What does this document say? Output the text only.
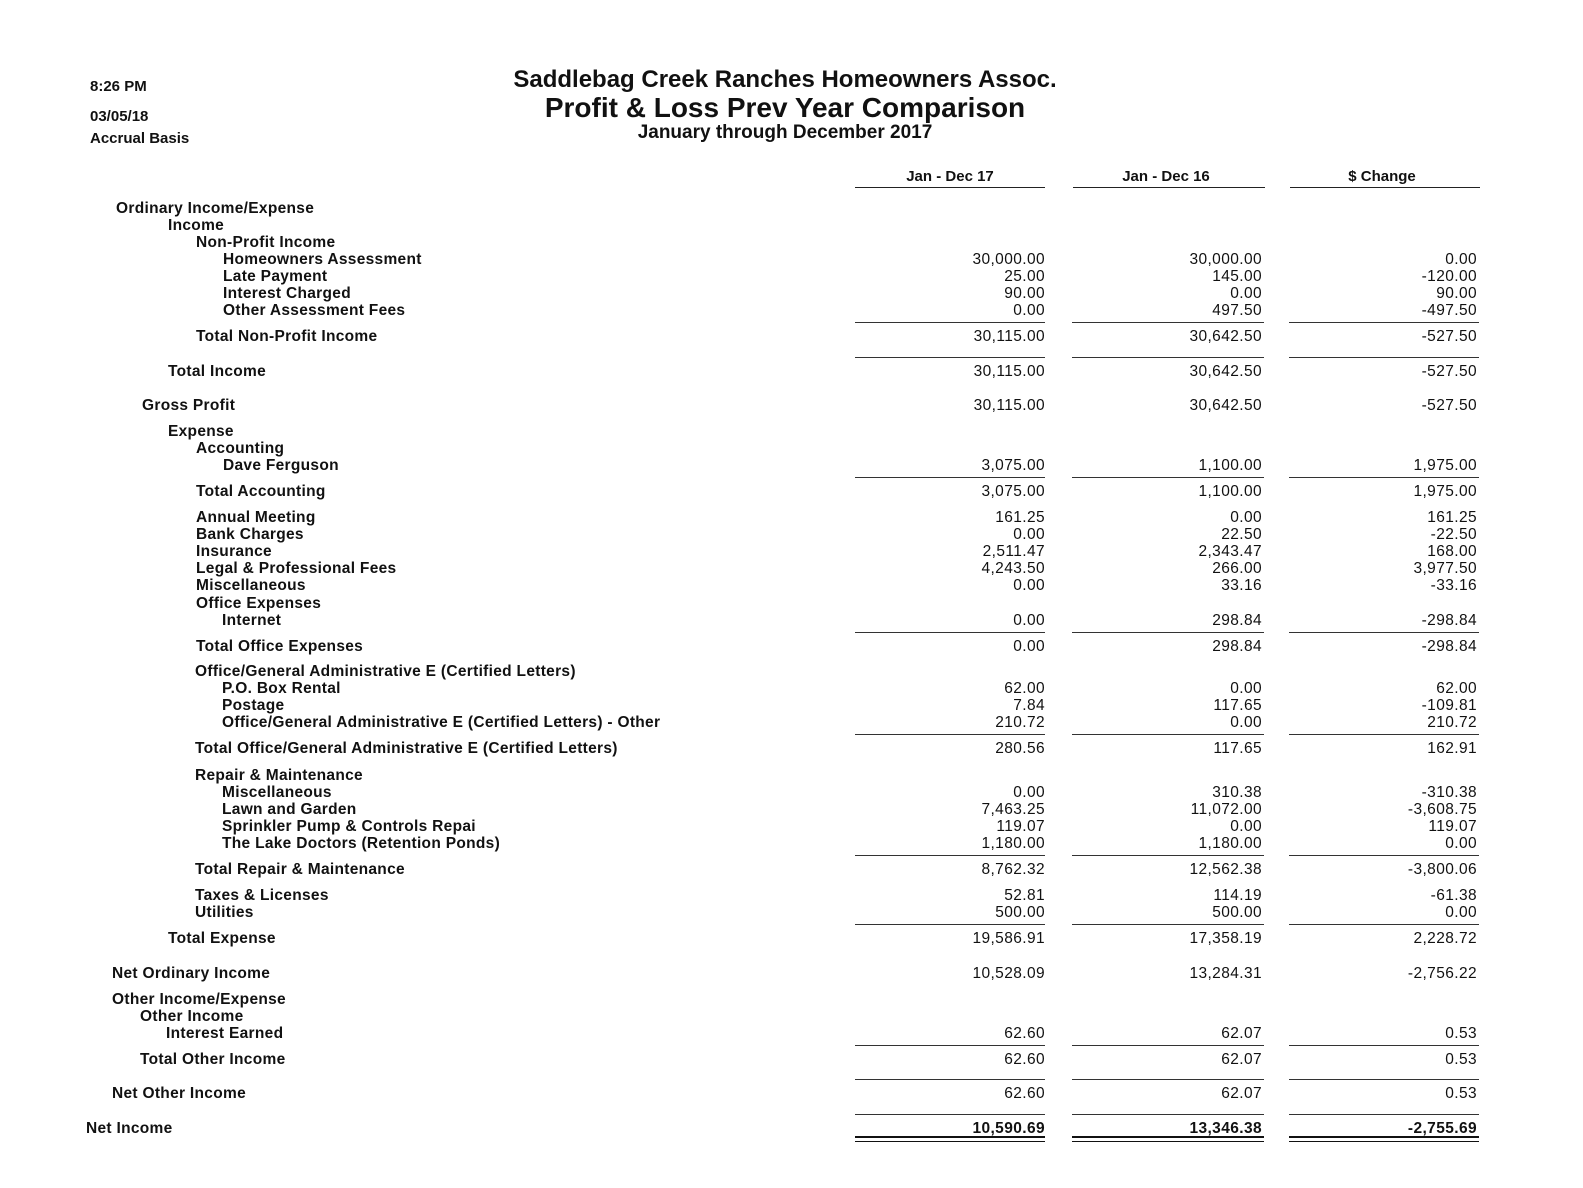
8:26 PM
03/05/18
Accrual Basis
Saddlebag Creek Ranches Homeowners Assoc.
Profit & Loss Prev Year Comparison
January through December 2017
Jan - Dec 17	Jan - Dec 16	$ Change
Ordinary Income/Expense
Income
Non-Profit Income
Homeowners Assessment	30,000.00	30,000.00	0.00
Late Payment	25.00	145.00	-120.00
Interest Charged	90.00	0.00	90.00
Other Assessment Fees	0.00	497.50	-497.50
Total Non-Profit Income	30,115.00	30,642.50	-527.50
Total Income	30,115.00	30,642.50	-527.50
Gross Profit	30,115.00	30,642.50	-527.50
Expense
Accounting
Dave Ferguson	3,075.00	1,100.00	1,975.00
Total Accounting	3,075.00	1,100.00	1,975.00
Annual Meeting	161.25	0.00	161.25
Bank Charges	0.00	22.50	-22.50
Insurance	2,511.47	2,343.47	168.00
Legal & Professional Fees	4,243.50	266.00	3,977.50
Miscellaneous	0.00	33.16	-33.16
Office Expenses
Internet	0.00	298.84	-298.84
Total Office Expenses	0.00	298.84	-298.84
Office/General Administrative E (Certified Letters)
P.O. Box Rental	62.00	0.00	62.00
Postage	7.84	117.65	-109.81
Office/General Administrative E (Certified Letters) - Other	210.72	0.00	210.72
Total Office/General Administrative E (Certified Letters)	280.56	117.65	162.91
Repair & Maintenance
Miscellaneous	0.00	310.38	-310.38
Lawn and Garden	7,463.25	11,072.00	-3,608.75
Sprinkler Pump & Controls Repai	119.07	0.00	119.07
The Lake Doctors (Retention Ponds)	1,180.00	1,180.00	0.00
Total Repair & Maintenance	8,762.32	12,562.38	-3,800.06
Taxes & Licenses	52.81	114.19	-61.38
Utilities	500.00	500.00	0.00
Total Expense	19,586.91	17,358.19	2,228.72
Net Ordinary Income	10,528.09	13,284.31	-2,756.22
Other Income/Expense
Other Income
Interest Earned	62.60	62.07	0.53
Total Other Income	62.60	62.07	0.53
Net Other Income	62.60	62.07	0.53
Net Income	10,590.69	13,346.38	-2,755.69
